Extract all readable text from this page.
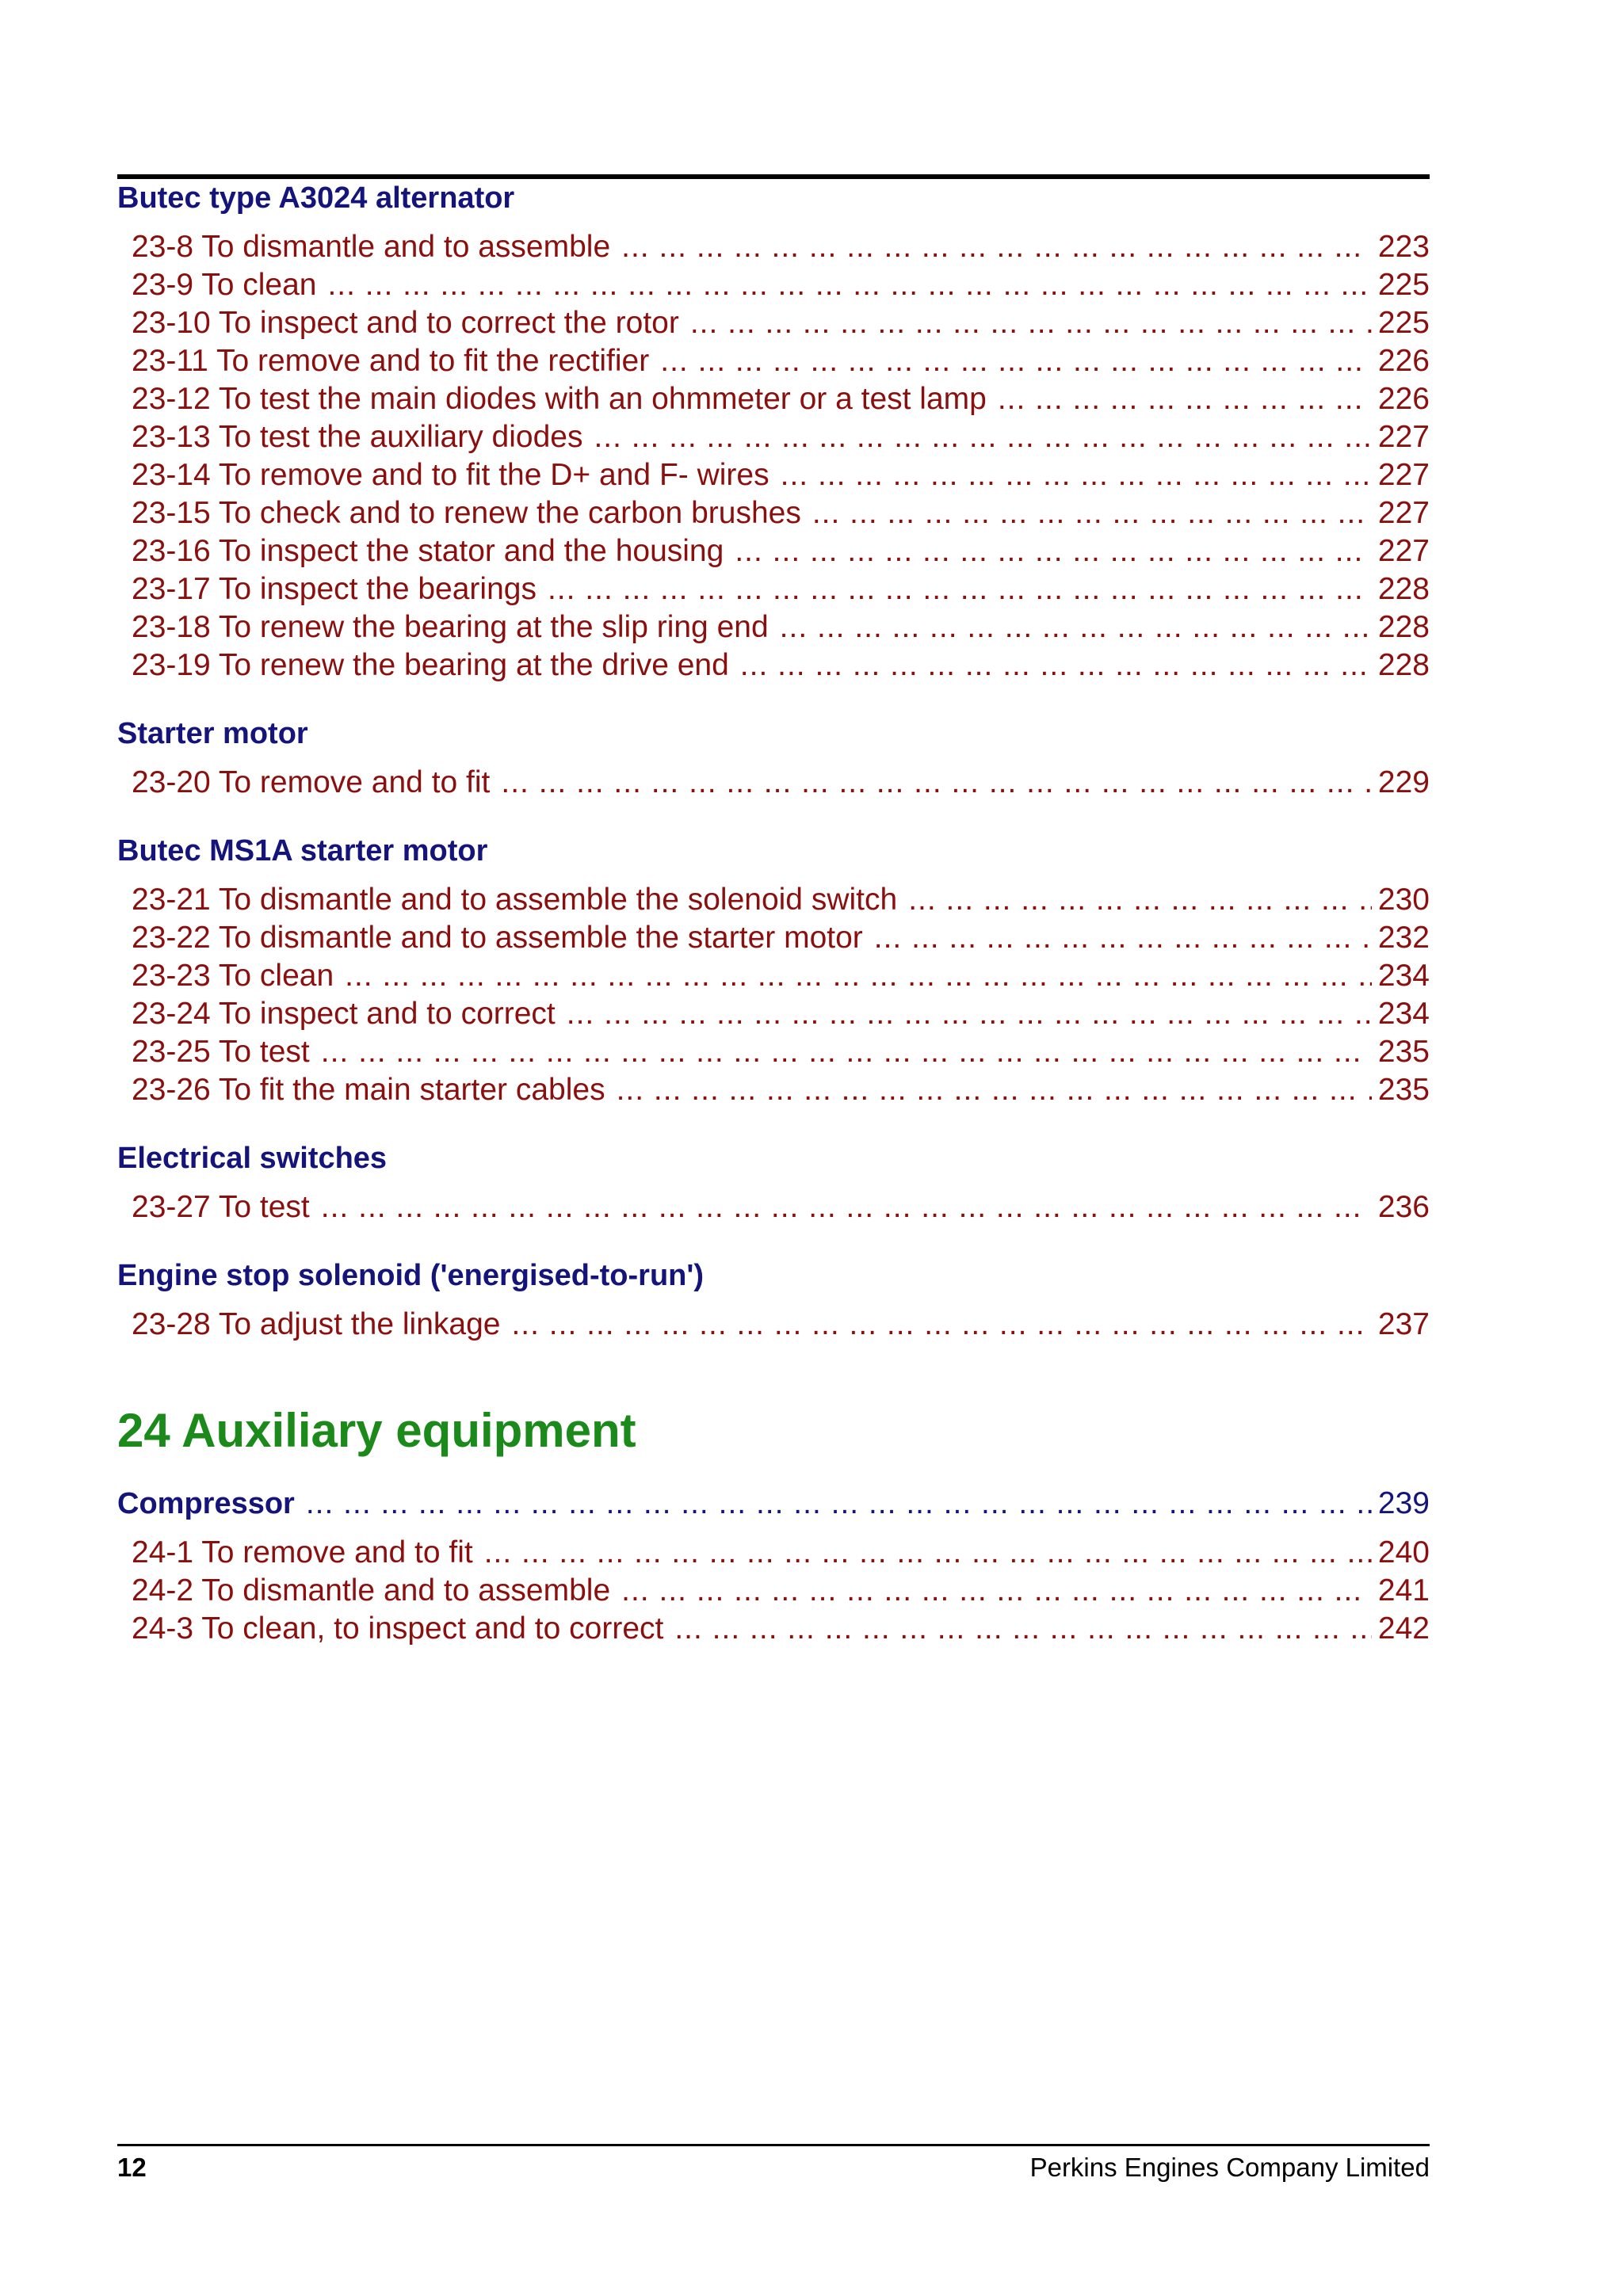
Butec type A3024 alternator
23-8 To dismantle and to assemble ... .	223
23-9 To clean ... .	225
23-10 To inspect and to correct the rotor ... .	225
23-11 To remove and to fit the rectifier ... .	226
23-12 To test the main diodes with an ohmmeter or a test lamp ... .	226
23-13 To test the auxiliary diodes ... .	227
23-14 To remove and to fit the D+ and F- wires ... .	227
23-15 To check and to renew the carbon brushes ... .	227
23-16 To inspect the stator and the housing ... .	227
23-17 To inspect the bearings ... .	228
23-18 To renew the bearing at the slip ring end ... .	228
23-19 To renew the bearing at the drive end ... .	228
Starter motor
23-20 To remove and to fit ... .	229
Butec MS1A starter motor
23-21 To dismantle and to assemble the solenoid switch ... .	230
23-22 To dismantle and to assemble the starter motor ... .	232
23-23 To clean ... .	234
23-24 To inspect and to correct ... .	234
23-25 To test ... .	235
23-26 To fit the main starter cables ... .	235
Electrical switches
23-27 To test ... .	236
Engine stop solenoid ('energised-to-run')
23-28 To adjust the linkage ... .	237
24 Auxiliary equipment
Compressor ... .	239
24-1 To remove and to fit ... .	240
24-2 To dismantle and to assemble ... .	241
24-3 To clean, to inspect and to correct ... .	242
12	Perkins Engines Company Limited
